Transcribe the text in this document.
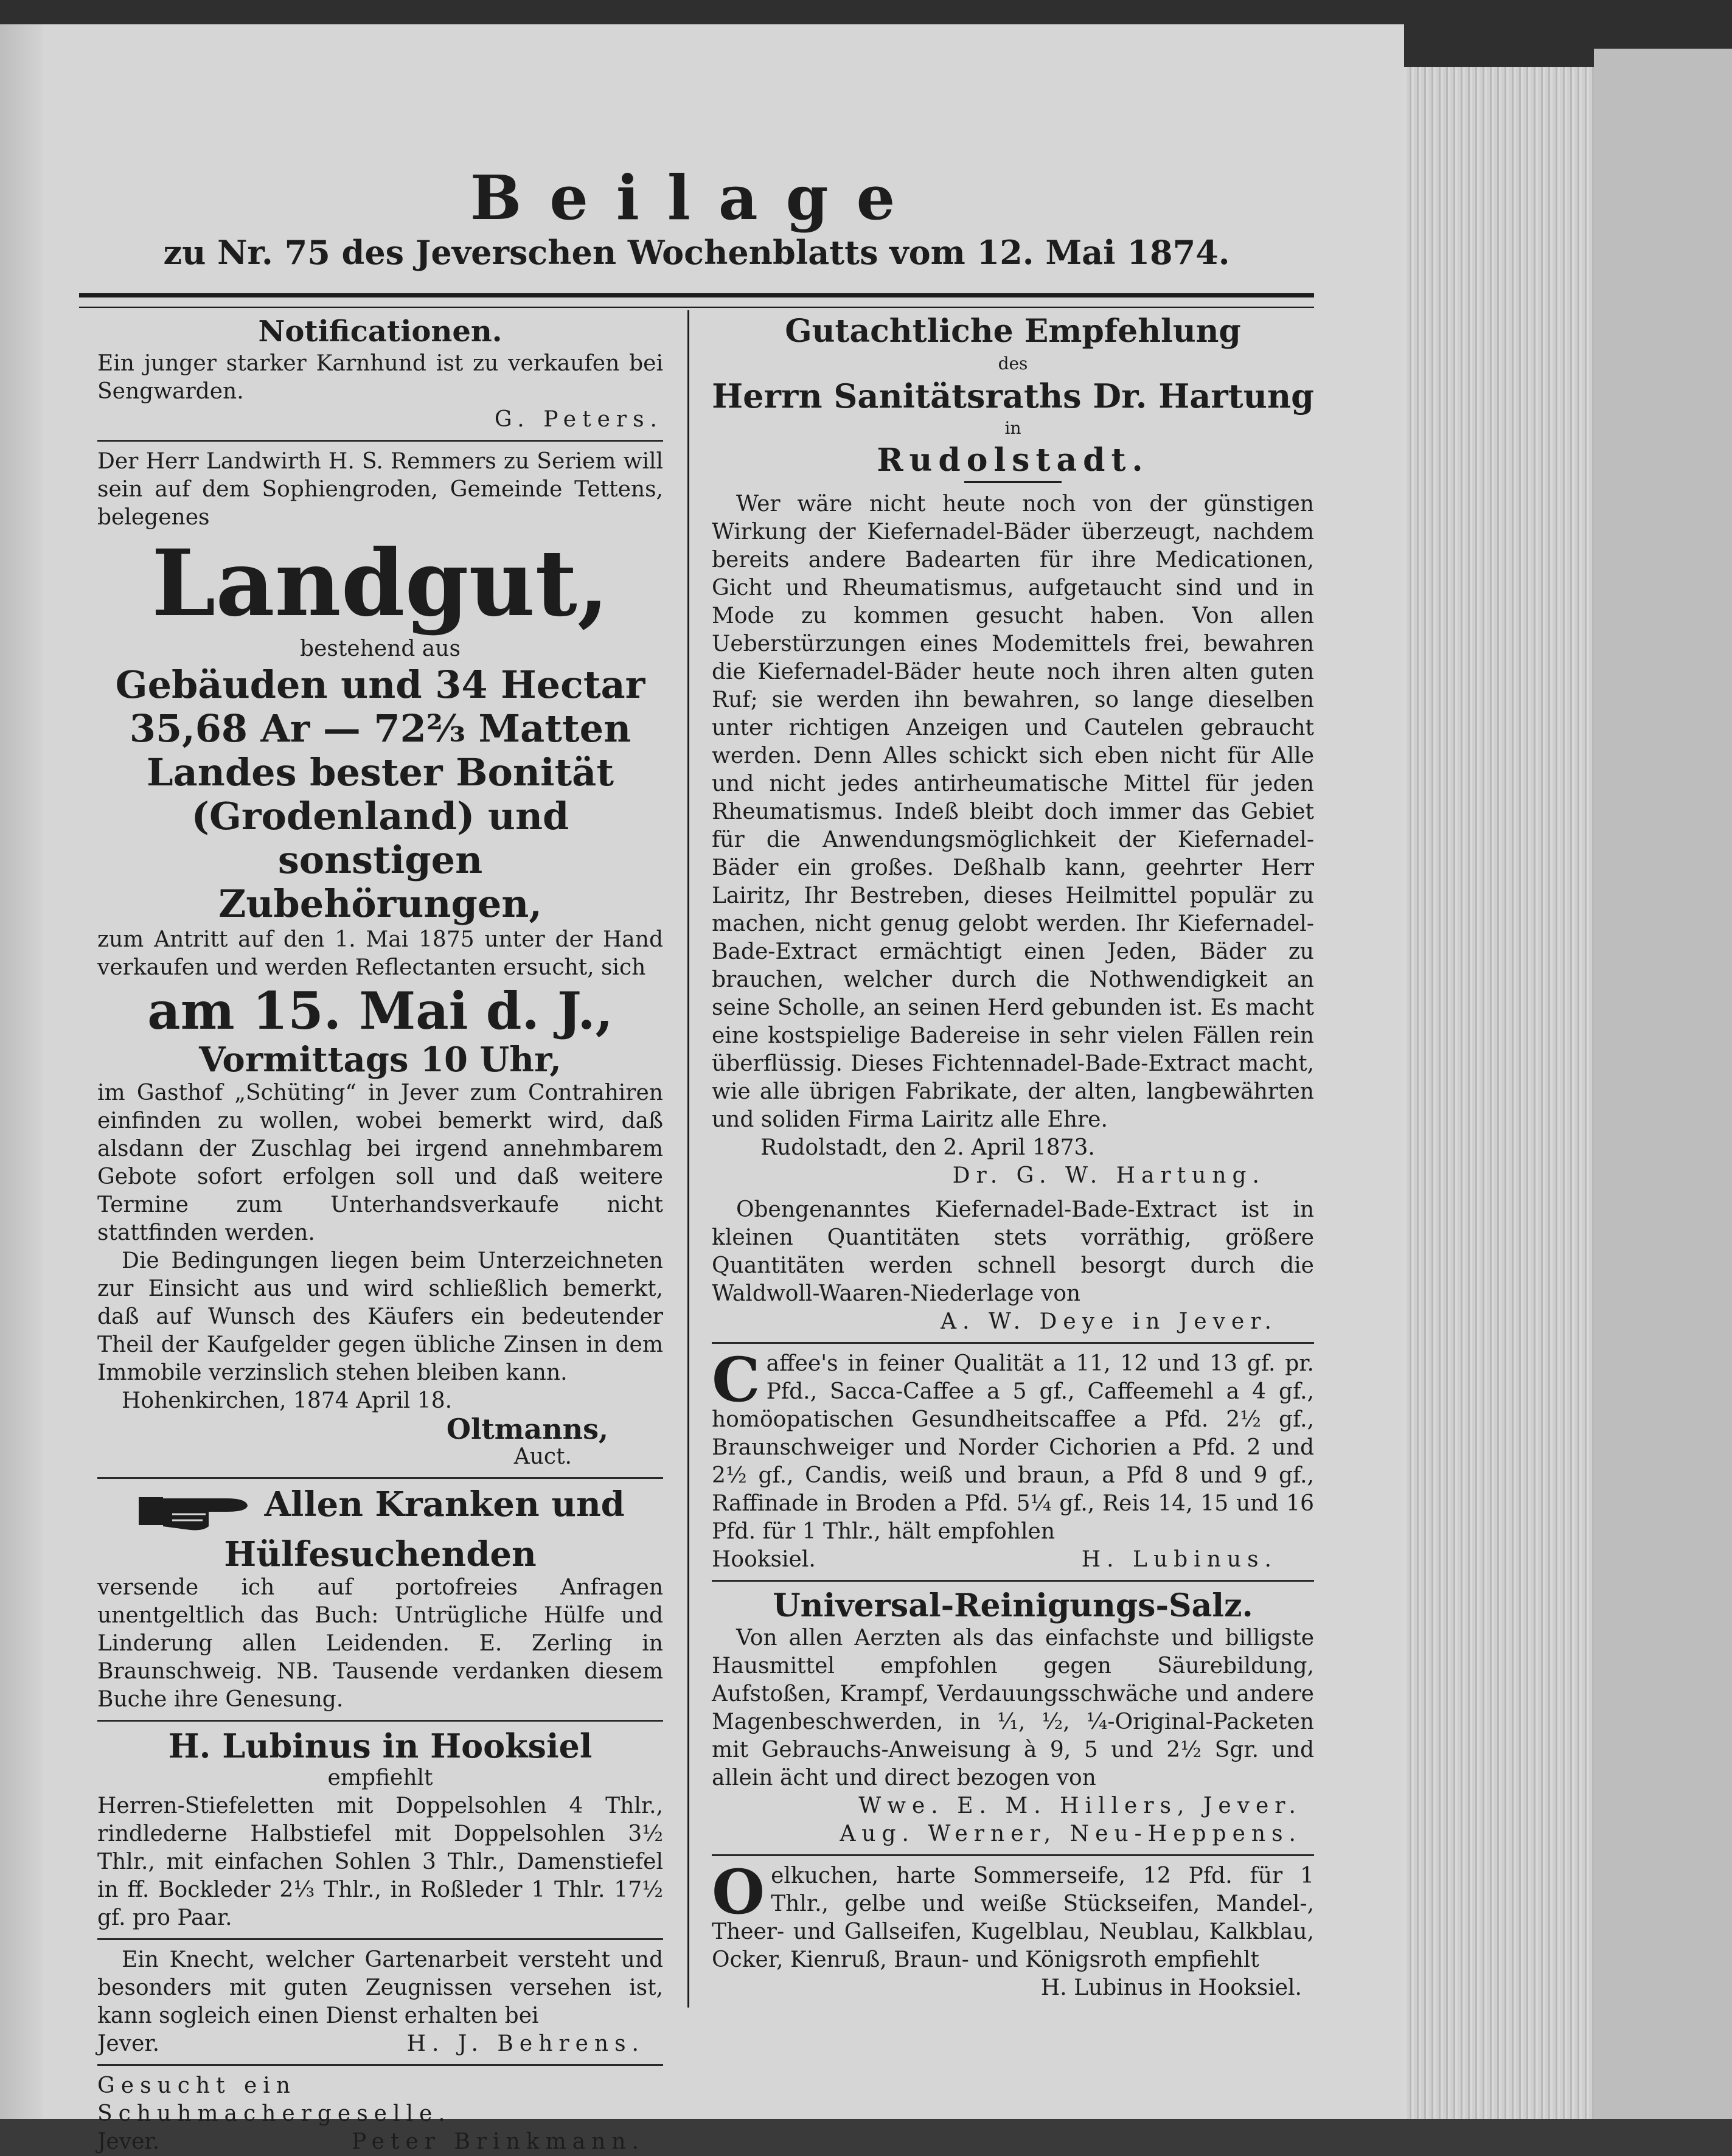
Beilage
zu Nr. 75 des Jeverschen Wochenblatts vom 12. Mai 1874.
Notificationen.
Ein junger starker Karnhund ist zu verkaufen bei Sengwarden.
G. Peters.
Der Herr Landwirth H. S. Remmers zu Seriem will sein auf dem Sophiengroden, Gemeinde Tettens, belegenes
Landgut,
bestehend aus
Gebäuden und 34 Hectar
35,68 Ar — 72⅔ Matten
Landes bester Bonität (Grodenland) und sonstigen
Zubehörungen,
zum Antritt auf den 1. Mai 1875 unter der Hand verkaufen und werden Reflectanten ersucht, sich
am 15. Mai d. J.,
Vormittags 10 Uhr,
im Gasthof „Schüting“ in Jever zum Contrahiren einfinden zu wollen, wobei bemerkt wird, daß alsdann der Zuschlag bei irgend annehmbarem Gebote sofort erfolgen soll und daß weitere Termine zum Unterhandsverkaufe nicht stattfinden werden.
Die Bedingungen liegen beim Unterzeichneten zur Einsicht aus und wird schließlich bemerkt, daß auf Wunsch des Käufers ein bedeutender Theil der Kaufgelder gegen übliche Zinsen in dem Immobile verzinslich stehen bleiben kann.
Hohenkirchen, 1874 April 18.
Oltmanns,
Auct.
Allen Kranken und
Hülfesuchenden
versende ich auf portofreies Anfragen unentgeltlich das Buch: Untrügliche Hülfe und Linderung allen Leidenden. E. Zerling in Braunschweig. NB. Tausende verdanken diesem Buche ihre Genesung.
H. Lubinus in Hooksiel
empfiehlt
Herren-Stiefeletten mit Doppelsohlen 4 Thlr., rindlederne Halbstiefel mit Doppelsohlen 3½ Thlr., mit einfachen Sohlen 3 Thlr., Damenstiefel in ff. Bockleder 2⅓ Thlr., in Roßleder 1 Thlr. 17½ gf. pro Paar.
Ein Knecht, welcher Gartenarbeit versteht und besonders mit guten Zeugnissen versehen ist, kann sogleich einen Dienst erhalten bei
Jever.	H. J. Behrens.
Gesucht ein Schuhmachergeselle.
Jever.	Peter Brinkmann.
Gutachtliche Empfehlung
des
Herrn Sanitätsraths Dr. Hartung
in
Rudolstadt.
Wer wäre nicht heute noch von der günstigen Wirkung der Kiefernadel-Bäder überzeugt, nachdem bereits andere Badearten für ihre Medicationen, Gicht und Rheumatismus, aufgetaucht sind und in Mode zu kommen gesucht haben. Von allen Ueberstürzungen eines Modemittels frei, bewahren die Kiefernadel-Bäder heute noch ihren alten guten Ruf; sie werden ihn bewahren, so lange dieselben unter richtigen Anzeigen und Cautelen gebraucht werden. Denn Alles schickt sich eben nicht für Alle und nicht jedes antirheumatische Mittel für jeden Rheumatismus. Indeß bleibt doch immer das Gebiet für die Anwendungsmöglichkeit der Kiefernadel-Bäder ein großes. Deßhalb kann, geehrter Herr Lairitz, Ihr Bestreben, dieses Heilmittel populär zu machen, nicht genug gelobt werden. Ihr Kiefernadel-Bade-Extract ermächtigt einen Jeden, Bäder zu brauchen, welcher durch die Nothwendigkeit an seine Scholle, an seinen Herd gebunden ist. Es macht eine kostspielige Badereise in sehr vielen Fällen rein überflüssig. Dieses Fichtennadel-Bade-Extract macht, wie alle übrigen Fabrikate, der alten, langbewährten und soliden Firma Lairitz alle Ehre.
Rudolstadt, den 2. April 1873.
Dr. G. W. Hartung.
Obengenanntes Kiefernadel-Bade-Extract ist in kleinen Quantitäten stets vorräthig, größere Quantitäten werden schnell besorgt durch die Waldwoll-Waaren-Niederlage von
A. W. Deye in Jever.
C affee's in feiner Qualität a 11, 12 und 13 gf. pr. Pfd., Sacca-Caffee a 5 gf., Caffeemehl a 4 gf., homöopatischen Gesundheitscaffee a Pfd. 2½ gf., Braunschweiger und Norder Cichorien a Pfd. 2 und 2½ gf., Candis, weiß und braun, a Pfd 8 und 9 gf., Raffinade in Broden a Pfd. 5¼ gf., Reis 14, 15 und 16 Pfd. für 1 Thlr., hält empfohlen
Hooksiel.	H. Lubinus.
Universal-Reinigungs-Salz.
Von allen Aerzten als das einfachste und billigste Hausmittel empfohlen gegen Säurebildung, Aufstoßen, Krampf, Verdauungsschwäche und andere Magenbeschwerden, in ⅟₁, ⅟₂, ⅟₄-Original-Packeten mit Gebrauchs-Anweisung à 9, 5 und 2½ Sgr. und allein ächt und direct bezogen von
Wwe. E. M. Hillers, Jever.
Aug. Werner, Neu-Heppens.
O elkuchen, harte Sommerseife, 12 Pfd. für 1 Thlr., gelbe und weiße Stückseifen, Mandel-, Theer- und Gallseifen, Kugelblau, Neublau, Kalkblau, Ocker, Kienruß, Braun- und Königsroth empfiehlt
H. Lubinus in Hooksiel.
